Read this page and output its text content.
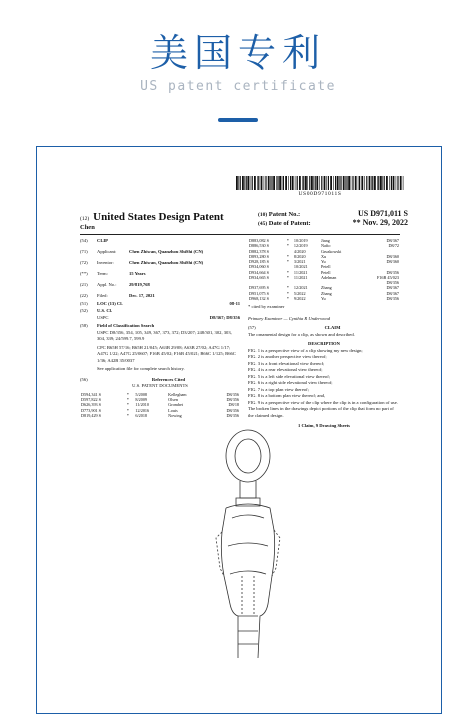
美国专利
US patent certificate
US00D971011S
(12) United States Design Patent
Chen
(10) Patent No.:	US D971,011 S
(45) Date of Patent:	** Nov. 29, 2022
(54)	CLIP
(71)	Applicant:	Chen Zhiwan, Quanzhou ShiShi (CN)
(72)	Inventor:	Chen Zhiwan, Quanzhou ShiShi (CN)
(**)	Term:	15 Years
(21)	Appl. No.:	29/819,768
(22)	Filed:	Dec. 17, 2021
(51)	LOC (13) Cl.	08-11
(52)	U.S. Cl.
USPC	D8/367; D8/356
(58)	Field of Classification Search
USPC D8/356, 354, 105, 349, 367, 373, 372; D3/207; 248/301, 302, 303, 304, 339; 24/599.7, 599.9
CPC B65H 57/16; B65H 21/045; A63B 29/08; A63B 27/02; A47G 1/17; A47G 1/22; A47G 25/0607; F16B 45/02; F16B 45/021; B66C 1/125; B66C 1/36; A42B 35/0037
See application file for complete search history.
(56)	References Cited
U.S. PATENT DOCUMENTS
D594,341 S	*	5/2008	Kellegham	D8/356
D597,822 S	*	8/2009	Olsen	D8/356
D626,393 S	*	11/2010	Grombet	D8/18
D773,901 S	*	12/2016	Louis	D8/356
D819,429 S	*	6/2018	Nowing	D8/356
D883,082 S	*	10/2019	Jiang	D8/367
D886,530 S	*	12/2019	Nafio	D8/72
D882,378 S		4/2020	Gruzkowski	
D893,280 S	*	8/2020	Xu	D8/360
D928,185 S	*	3/2021	Yu	D8/360
D934,060 S		10/2021	Petell	
D934,664 S	*	11/2021	Petell	D8/356
D934,665 S	*	11/2021	Adelman	F16B 45/023
				D8/356
D937,695 S	*	12/2021	Zhang	D8/367
D951,075 S	*	5/2022	Zhang	D8/367
D968,132 S	*	9/2022	Yu	D8/356
* cited by examiner
Primary Examiner — Cynthia R Underwood
(57)	CLAIM
The ornamental design for a clip, as shown and described.
DESCRIPTION
FIG. 1 is a perspective view of a clip showing my new design;
FIG. 2 is another perspective view thereof;
FIG. 3 is a front elevational view thereof;
FIG. 4 is a rear elevational view thereof;
FIG. 5 is a left side elevational view thereof;
FIG. 6 is a right side elevational view thereof;
FIG. 7 is a top plan view thereof;
FIG. 8 is a bottom plan view thereof; and,
FIG. 9 is a perspective view of the clip where the clip is in a configuration of use.
The broken lines in the drawings depict portions of the clip that form no part of the claimed design.
1 Claim, 9 Drawing Sheets
